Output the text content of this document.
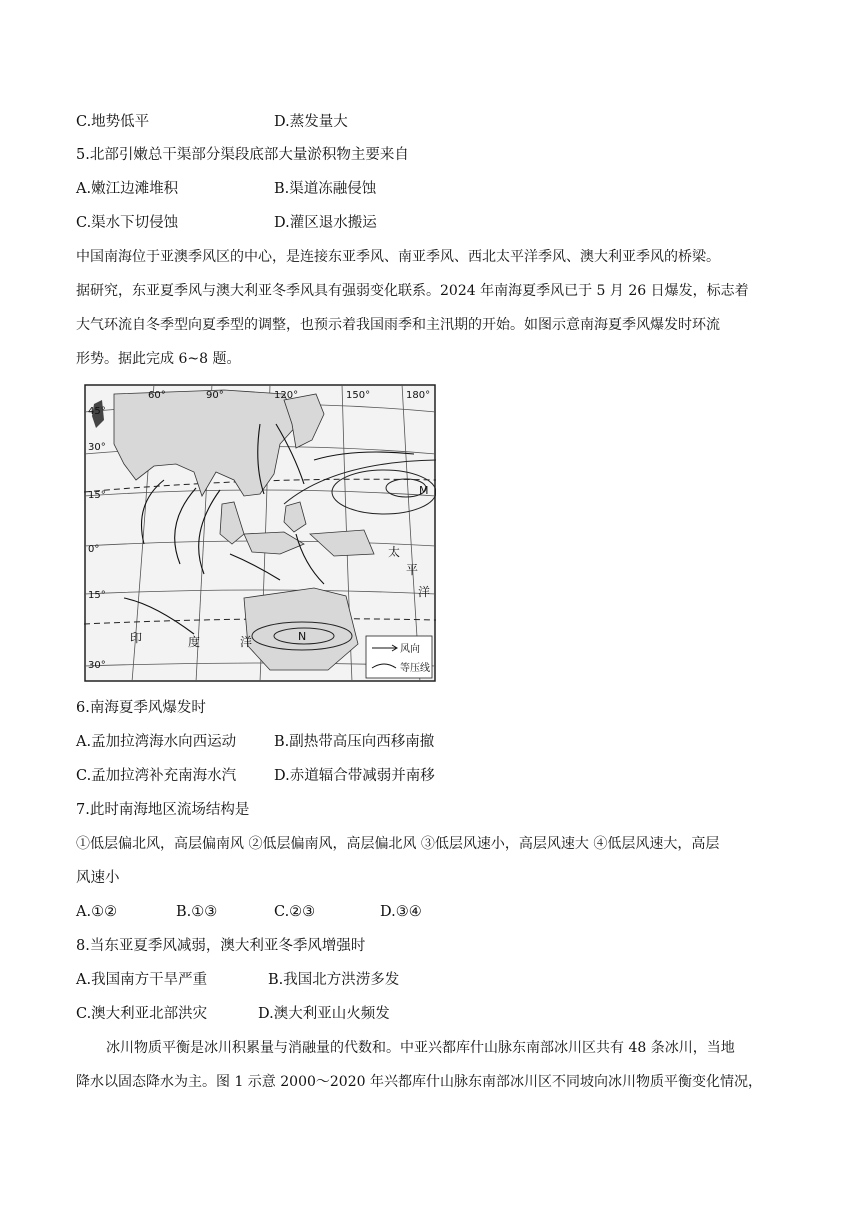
C.地势低平	D.蒸发量大
5.北部引嫩总干渠部分渠段底部大量淤积物主要来自
A.嫩江边滩堆积	B.渠道冻融侵蚀
C.渠水下切侵蚀	D.灌区退水搬运
中国南海位于亚澳季风区的中心，是连接东亚季风、南亚季风、西北太平洋季风、澳大利亚季风的桥梁。
据研究，东亚夏季风与澳大利亚冬季风具有强弱变化联系。2024 年南海夏季风已于 5 月 26 日爆发，标志着
大气环流自冬季型向夏季型的调整，也预示着我国雨季和主汛期的开始。如图示意南海夏季风爆发时环流
形势。据此完成 6~8 题。
45°
30°
15°
0°
15°
30°
60°	90°	120°	150°	180°
印	度	洋
太
平
洋
M
N
风向
等压线
6.南海夏季风爆发时
A.孟加拉湾海水向西运动	B.副热带高压向西移南撤
C.孟加拉湾补充南海水汽	D.赤道辐合带减弱并南移
7.此时南海地区流场结构是
①低层偏北风，高层偏南风 ②低层偏南风，高层偏北风 ③低层风速小，高层风速大 ④低层风速大，高层
风速小
A.①②	B.①③	C.②③	D.③④
8.当东亚夏季风减弱，澳大利亚冬季风增强时
A.我国南方干旱严重	B.我国北方洪涝多发
C.澳大利亚北部洪灾	D.澳大利亚山火频发
冰川物质平衡是冰川积累量与消融量的代数和。中亚兴都库什山脉东南部冰川区共有 48 条冰川，当地
降水以固态降水为主。图 1 示意 2000～2020 年兴都库什山脉东南部冰川区不同坡向冰川物质平衡变化情况，
